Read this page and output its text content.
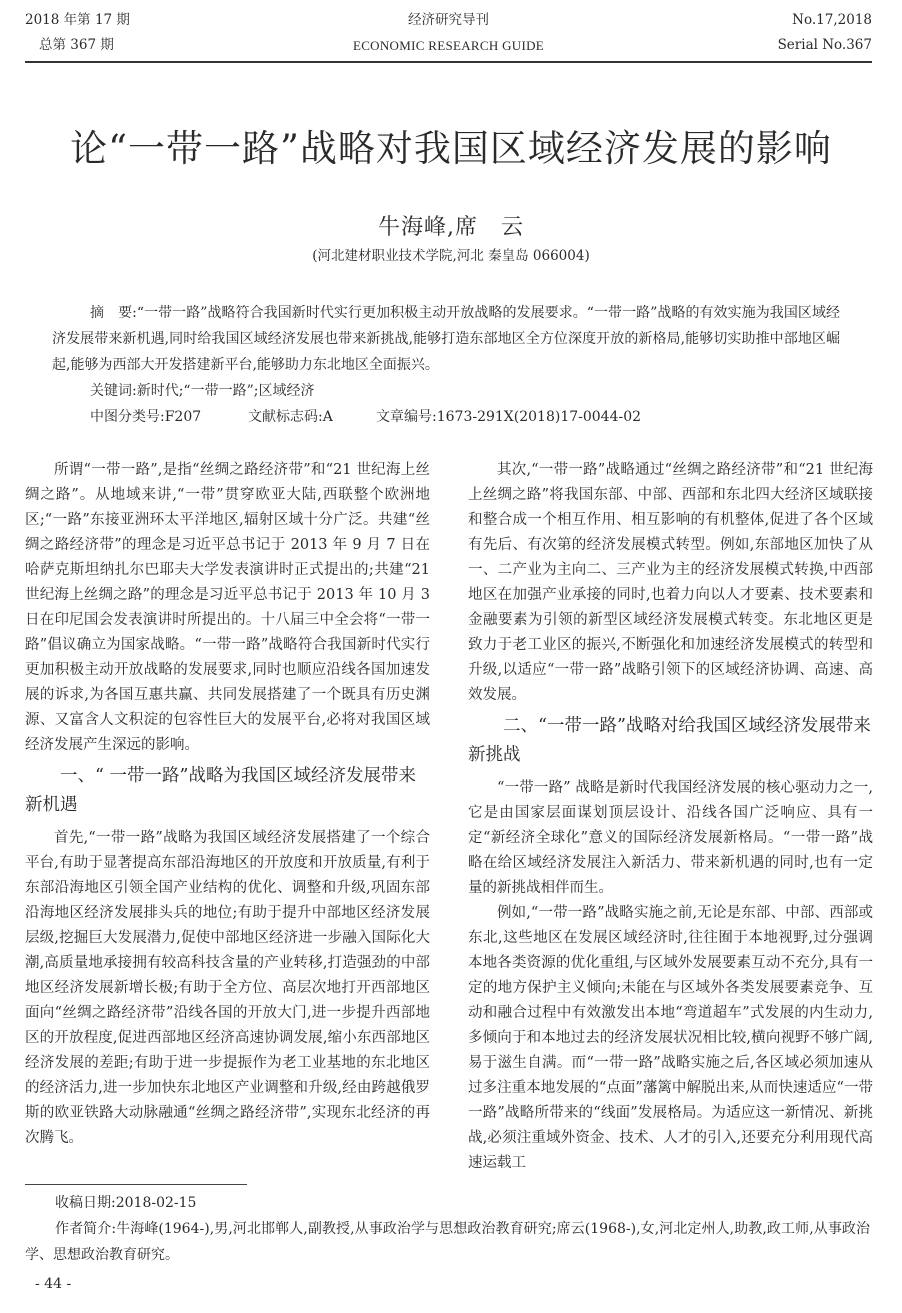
2018 年第 17 期
总第 367 期
经济研究导刊
ECONOMIC RESEARCH GUIDE
No.17,2018
Serial No.367
论“一带一路”战略对我国区域经济发展的影响
牛海峰,席　云
(河北建材职业技术学院,河北 秦皇岛 066004)

摘　要:“一带一路”战略符合我国新时代实行更加积极主动开放战略的发展要求。“一带一路”战略的有效实施为我国区域经济发展带来新机遇,同时给我国区域经济发展也带来新挑战,能够打造东部地区全方位深度开放的新格局,能够切实助推中部地区崛起,能够为西部大开发搭建新平台,能够助力东北地区全面振兴。

关键词:新时代;“一带一路”;区域经济

中图分类号:F207	文献标志码:A	文章编号:1673-291X(2018)17-0044-02

所谓“一带一路”,是指“丝绸之路经济带”和“21 世纪海上丝绸之路”。从地域来讲,“一带”贯穿欧亚大陆,西联整个欧洲地区;“一路”东接亚洲环太平洋地区,辐射区域十分广泛。共建“丝绸之路经济带”的理念是习近平总书记于 2013 年 9 月 7 日在哈萨克斯坦纳扎尔巴耶夫大学发表演讲时正式提出的;共建“21 世纪海上丝绸之路”的理念是习近平总书记于 2013 年 10 月 3 日在印尼国会发表演讲时所提出的。十八届三中全会将“一带一路”倡议确立为国家战略。“一带一路”战略符合我国新时代实行更加积极主动开放战略的发展要求,同时也顺应沿线各国加速发展的诉求,为各国互惠共赢、共同发展搭建了一个既具有历史渊源、又富含人文积淀的包容性巨大的发展平台,必将对我国区域经济发展产生深远的影响。

一、“ 一带一路”战略为我国区域经济发展带来新机遇

首先,“一带一路”战略为我国区域经济发展搭建了一个综合平台,有助于显著提高东部沿海地区的开放度和开放质量,有利于东部沿海地区引领全国产业结构的优化、调整和升级,巩固东部沿海地区经济发展排头兵的地位;有助于提升中部地区经济发展层级,挖掘巨大发展潜力,促使中部地区经济进一步融入国际化大潮,高质量地承接拥有较高科技含量的产业转移,打造强劲的中部地区经济发展新增长极;有助于全方位、高层次地打开西部地区面向“丝绸之路经济带”沿线各国的开放大门,进一步提升西部地区的开放程度,促进西部地区经济高速协调发展,缩小东西部地区经济发展的差距;有助于进一步提振作为老工业基地的东北地区的经济活力,进一步加快东北地区产业调整和升级,经由跨越俄罗斯的欧亚铁路大动脉融通“丝绸之路经济带”,实现东北经济的再次腾飞。

其次,“一带一路”战略通过“丝绸之路经济带”和“21 世纪海上丝绸之路”将我国东部、中部、西部和东北四大经济区域联接和整合成一个相互作用、相互影响的有机整体,促进了各个区域有先后、有次第的经济发展模式转型。例如,东部地区加快了从一、二产业为主向二、三产业为主的经济发展模式转换,中西部地区在加强产业承接的同时,也着力向以人才要素、技术要素和金融要素为引领的新型区域经济发展模式转变。东北地区更是致力于老工业区的振兴,不断强化和加速经济发展模式的转型和升级,以适应“一带一路”战略引领下的区域经济协调、高速、高效发展。

二、“一带一路”战略对给我国区域经济发展带来新挑战

“一带一路” 战略是新时代我国经济发展的核心驱动力之一,它是由国家层面谋划顶层设计、沿线各国广泛响应、具有一定“新经济全球化”意义的国际经济发展新格局。“一带一路”战略在给区域经济发展注入新活力、带来新机遇的同时,也有一定量的新挑战相伴而生。

例如,“一带一路”战略实施之前,无论是东部、中部、西部或东北,这些地区在发展区域经济时,往往囿于本地视野,过分强调本地各类资源的优化重组,与区域外发展要素互动不充分,具有一定的地方保护主义倾向;未能在与区域外各类发展要素竞争、互动和融合过程中有效激发出本地“弯道超车”式发展的内生动力,多倾向于和本地过去的经济发展状况相比较,横向视野不够广阔,易于滋生自满。而“一带一路”战略实施之后,各区域必须加速从过多注重本地发展的“点面”藩篱中解脱出来,从而快速适应“一带一路”战略所带来的“线面”发展格局。为适应这一新情况、新挑战,必须注重域外资金、技术、人才的引入,还要充分利用现代高速运载工

收稿日期:2018-02-15

作者简介:牛海峰(1964-),男,河北邯郸人,副教授,从事政治学与思想政治教育研究;席云(1968-),女,河北定州人,助教,政工师,从事政治学、思想政治教育研究。

- 44 -
